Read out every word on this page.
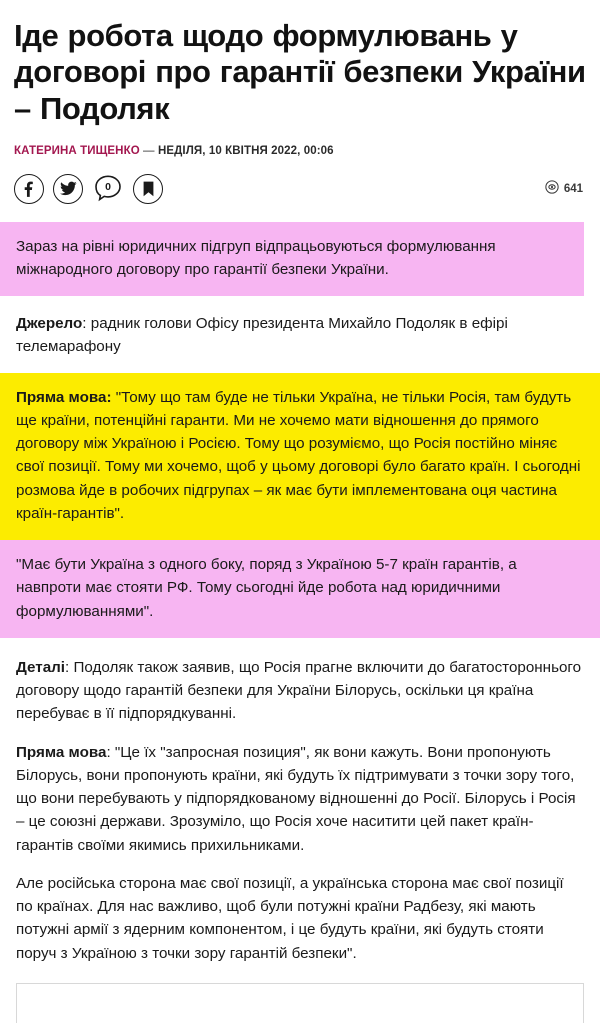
Іде робота щодо формулювань у договорі про гарантії безпеки України – Подоляк
КАТЕРИНА ТИЩЕНКО — НЕДІЛЯ, 10 КВІТНЯ 2022, 00:06
0	641
Зараз на рівні юридичних підгруп відпрацьовуються формулювання міжнародного договору про гарантії безпеки України.

Джерело: радник голови Офісу президента Михайло Подоляк в ефірі телемарафону

Пряма мова: "Тому що там буде не тільки Україна, не тільки Росія, там будуть ще країни, потенційні гаранти. Ми не хочемо мати відношення до прямого договору між Україною і Росією. Тому що розуміємо, що Росія постійно міняє свої позиції. Тому ми хочемо, щоб у цьому договорі було багато країн. І сьогодні розмова йде в робочих підгрупах – як має бути імплементована оця частина країн-гарантів".
"Має бути Україна з одного боку, поряд з Україною 5-7 країн гарантів, а навпроти має стояти РФ. Тому сьогодні йде робота над юридичними формулюваннями".

Деталі: Подоляк також заявив, що Росія прагне включити до багатостороннього договору щодо гарантій безпеки для України Білорусь, оскільки ця країна перебуває в її підпорядкуванні.

Пряма мова: "Це їх "запросная позиция", як вони кажуть. Вони пропонують Білорусь, вони пропонують країни, які будуть їх підтримувати з точки зору того, що вони перебувають у підпорядкованому відношенні до Росії. Білорусь і Росія – це союзні держави. Зрозуміло, що Росія хоче наситити цей пакет країн-гарантів своїми якимись прихильниками.

Але російська сторона має свої позиції, а українська сторона має свої позиції по країнах. Для нас важливо, щоб були потужні країни Радбезу, які мають потужні армії з ядерним компонентом, і це будуть країни, які будуть стояти поруч з Україною з точки зору гарантій безпеки".
